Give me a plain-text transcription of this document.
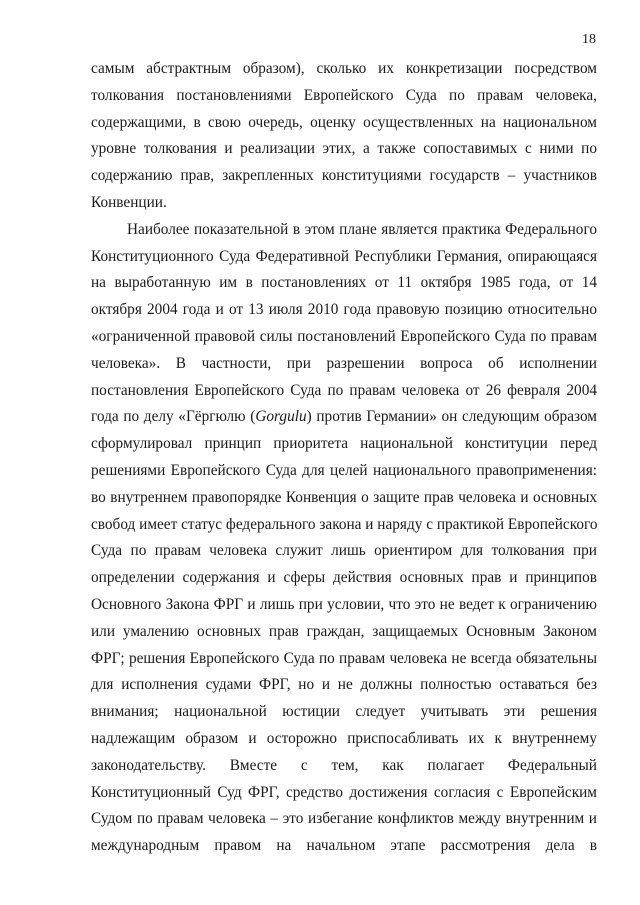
18
самым абстрактным образом), сколько их конкретизации посредством
толкования постановлениями Европейского Суда по правам человека,
содержащими, в свою очередь, оценку осуществленных на национальном
уровне толкования и реализации этих, а также сопоставимых с ними по
содержанию прав, закрепленных конституциями государств – участников
Конвенции.
Наиболее показательной в этом плане является практика Федерального
Конституционного Суда Федеративной Республики Германия, опирающаяся
на выработанную им в постановлениях от 11 октября 1985 года, от 14
октября 2004 года и от 13 июля 2010 года правовую позицию относительно
«ограниченной правовой силы постановлений Европейского Суда по правам
человека». В частности, при разрешении вопроса об исполнении
постановления Европейского Суда по правам человека от 26 февраля 2004
года по делу «Гёргюлю (Gorgulu) против Германии» он следующим образом
сформулировал принцип приоритета национальной конституции перед
решениями Европейского Суда для целей национального правоприменения:
во внутреннем правопорядке Конвенция о защите прав человека и основных
свобод имеет статус федерального закона и наряду с практикой Европейского
Суда по правам человека служит лишь ориентиром для толкования при
определении содержания и сферы действия основных прав и принципов
Основного Закона ФРГ и лишь при условии, что это не ведет к ограничению
или умалению основных прав граждан, защищаемых Основным Законом
ФРГ; решения Европейского Суда по правам человека не всегда обязательны
для исполнения судами ФРГ, но и не должны полностью оставаться без
внимания; национальной юстиции следует учитывать эти решения
надлежащим образом и осторожно приспосабливать их к внутреннему
законодательству. Вместе с тем, как полагает Федеральный
Конституционный Суд ФРГ, средство достижения согласия с Европейским
Судом по правам человека – это избегание конфликтов между внутренним и
международным правом на начальном этапе рассмотрения дела в
